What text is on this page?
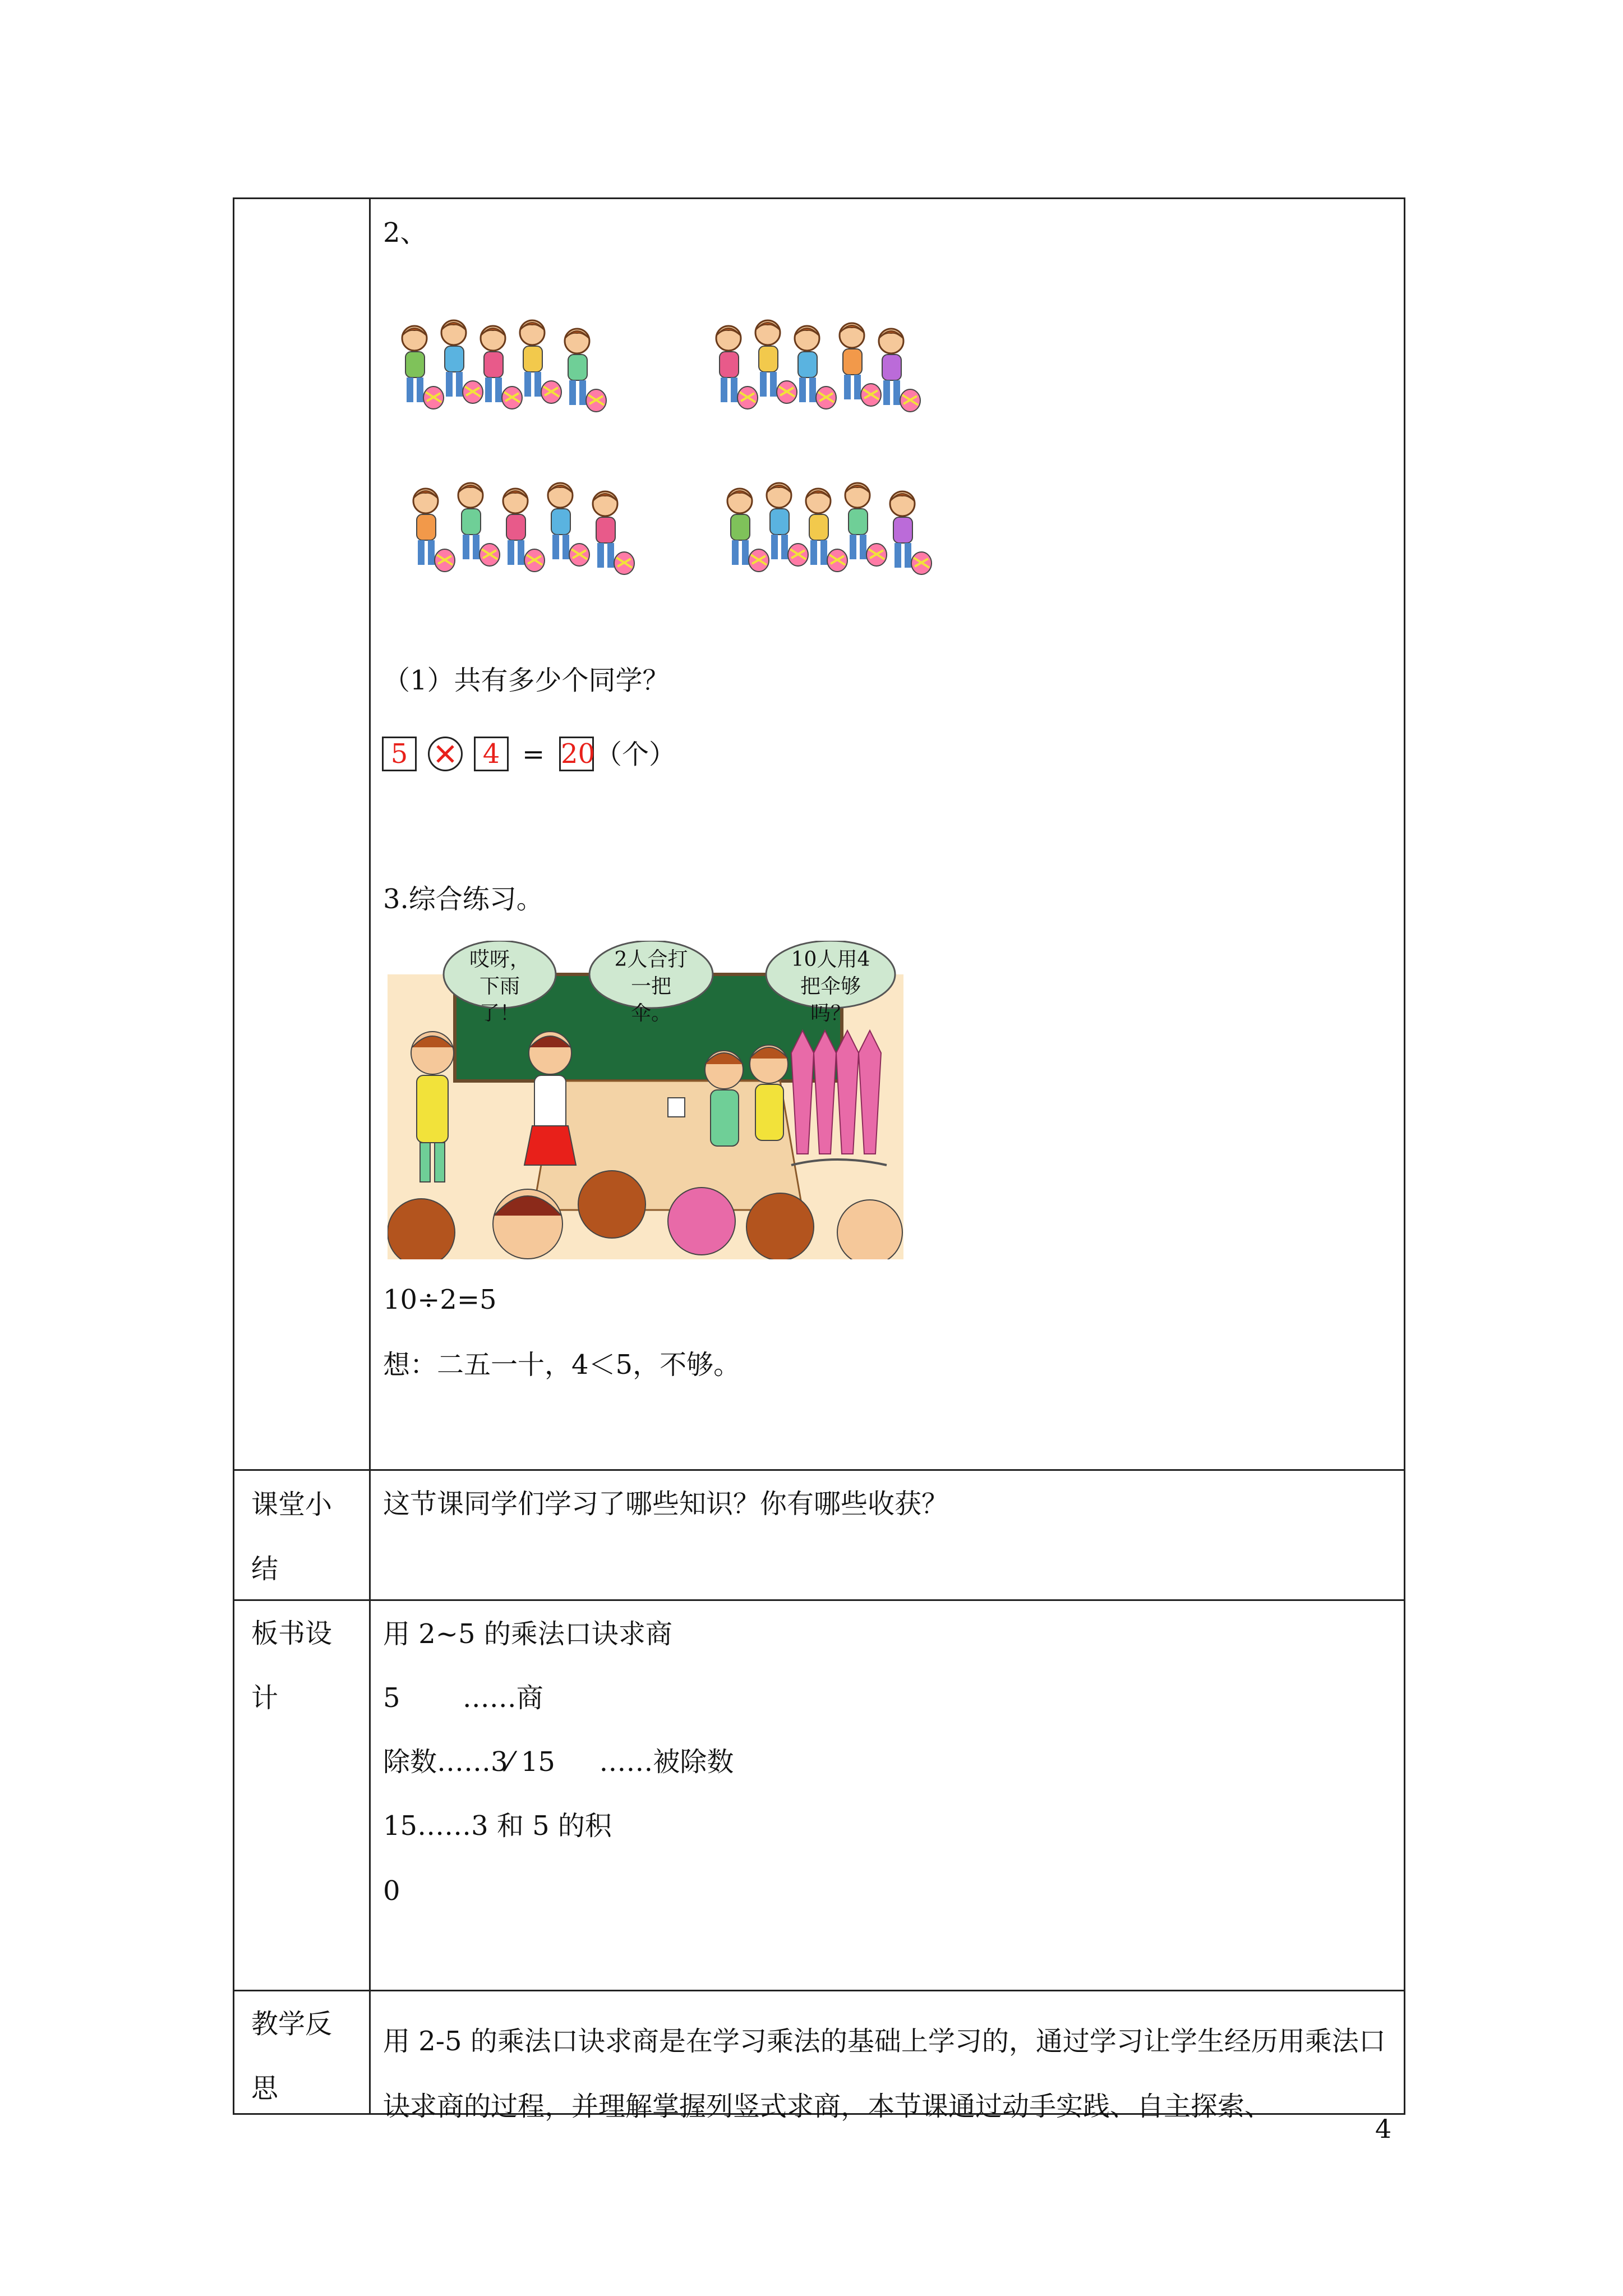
2、
（1）共有多少个同学？
5	4 = 20 （个）
3.综合练习。
哎呀，下雨了！
2人合打一把伞。
10人用4把伞够吗？
10÷2=5
想：二五一十，4＜5，不够。
课堂小结
这节课同学们学习了哪些知识？你有哪些收获？
板书设计
用 2~5 的乘法口诀求商
5　　 ……商
除数……3⁄ 15 　 ……被除数
15……3 和 5 的积
0
教学反思
用 2-5 的乘法口诀求商是在学习乘法的基础上学习的，通过学习让学生经历用乘法口诀求商的过程，并理解掌握列竖式求商，本节课通过动手实践、自主探索、
4
